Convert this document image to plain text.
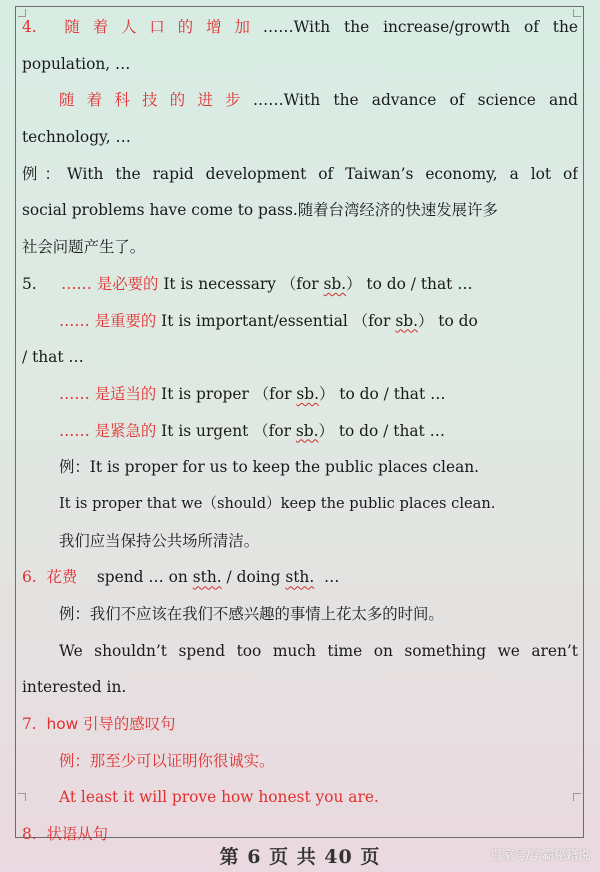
4. 随着人口的增加……With the increase/growth of the
population, …
随着科技的进步……With the advance of science and
technology, …
例：With the rapid development of Taiwan’s economy, a lot of
social problems have come to pass.随着台湾经济的快速发展许多
社会问题产生了。
5. …… 是必要的 It is necessary （for sb.） to do / that …
…… 是重要的 It is important/essential （for sb.） to do
/ that …
…… 是适当的 It is proper （for sb.） to do / that …
…… 是紧急的 It is urgent （for sb.） to do / that …
例：It is proper for us to keep the public places clean.
It is proper that we（should）keep the public places clean.
我们应当保持公共场所清洁。
6. 花费 spend … on sth. / doing sth. …
例：我们不应该在我们不感兴趣的事情上花太多的时间。
We shouldn’t spend too much time on something we aren’t
interested in.
7. how 引导的感叹句
例：那至少可以证明你很诚实。
At least it will prove how honest you are.
8. 状语从句
第 6 页 共 40 页	百家号/学霸秘籍说
